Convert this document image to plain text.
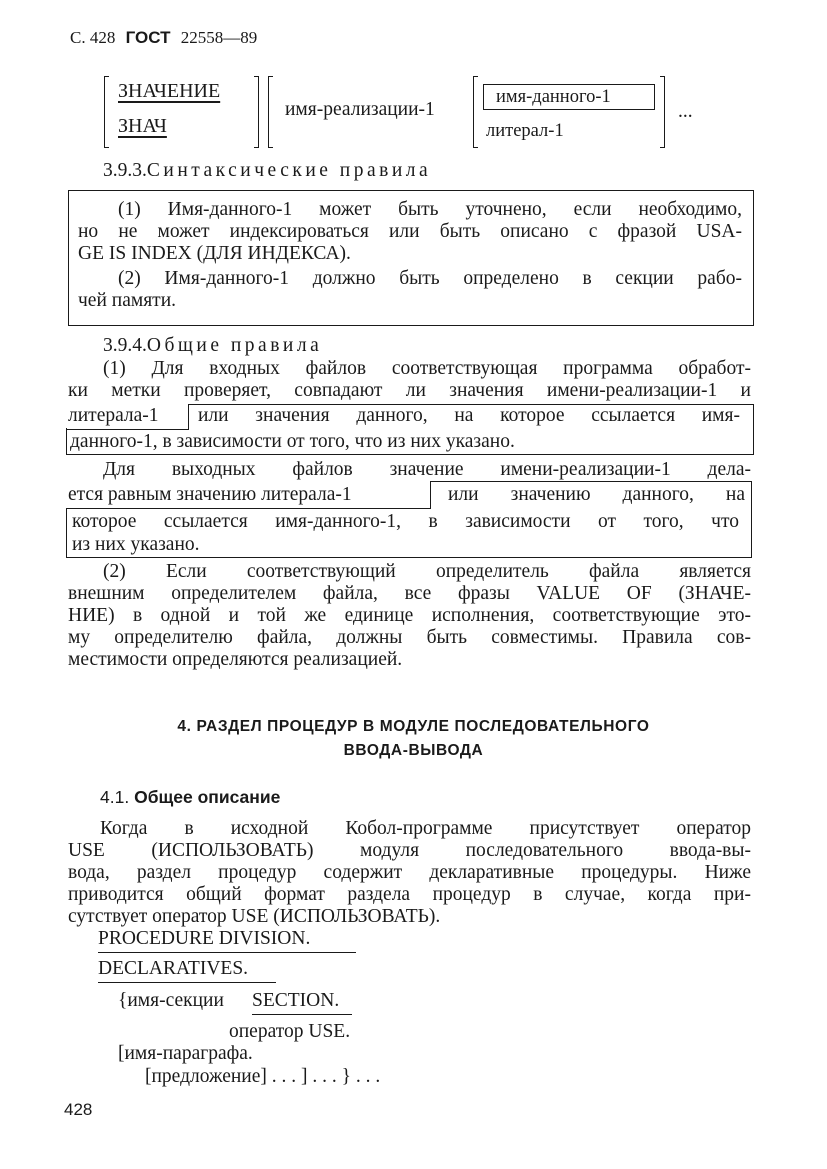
С. 428 ГОСТ 22558—89
ЗНАЧЕНИЕ
ЗНАЧ
имя-реализации-1
имя-данного-1
литерал-1
...
3.9.3.Синтаксические правила
(1) Имя-данного-1 может быть уточнено, если необходимо,
но не может индексироваться или быть описано с фразой USA-
GE IS INDEX (ДЛЯ ИНДЕКСА).
(2) Имя-данного-1 должно быть определено в секции рабо-
чей памяти.
3.9.4.Общие правила
(1) Для входных файлов соответствующая программа обработ-
ки метки проверяет, совпадают ли значения имени-реализации-1 и
литерала-1 или значения данного, на которое ссылается имя-
данного-1, в зависимости от того, что из них указано.
Для выходных файлов значение имени-реализации-1 дела-
ется равным значению литерала-1	или значению данного, на
которое ссылается имя-данного-1, в зависимости от того, что
из них указано.
(2) Если соответствующий определитель файла является
внешним определителем файла, все фразы VALUE OF (ЗНАЧЕ-
НИЕ) в одной и той же единице исполнения, соответствующие это-
му определителю файла, должны быть совместимы. Правила сов-
местимости определяются реализацией.
4. РАЗДЕЛ ПРОЦЕДУР В МОДУЛЕ ПОСЛЕДОВАТЕЛЬНОГО
ВВОДА-ВЫВОДА
4.1. Общее описание
Когда в исходной Кобол-программе присутствует оператор
USE (ИСПОЛЬЗОВАТЬ) модуля последовательного ввода-вы-
вода, раздел процедур содержит декларативные процедуры. Ниже
приводится общий формат раздела процедур в случае, когда при-
сутствует оператор USE (ИСПОЛЬЗОВАТЬ).
PROCEDURE DIVISION.
DECLARATIVES.
{имя-секции SECTION.
оператор USE.
[имя-параграфа.
[предложение] . . . ] . . . } . . .
428
